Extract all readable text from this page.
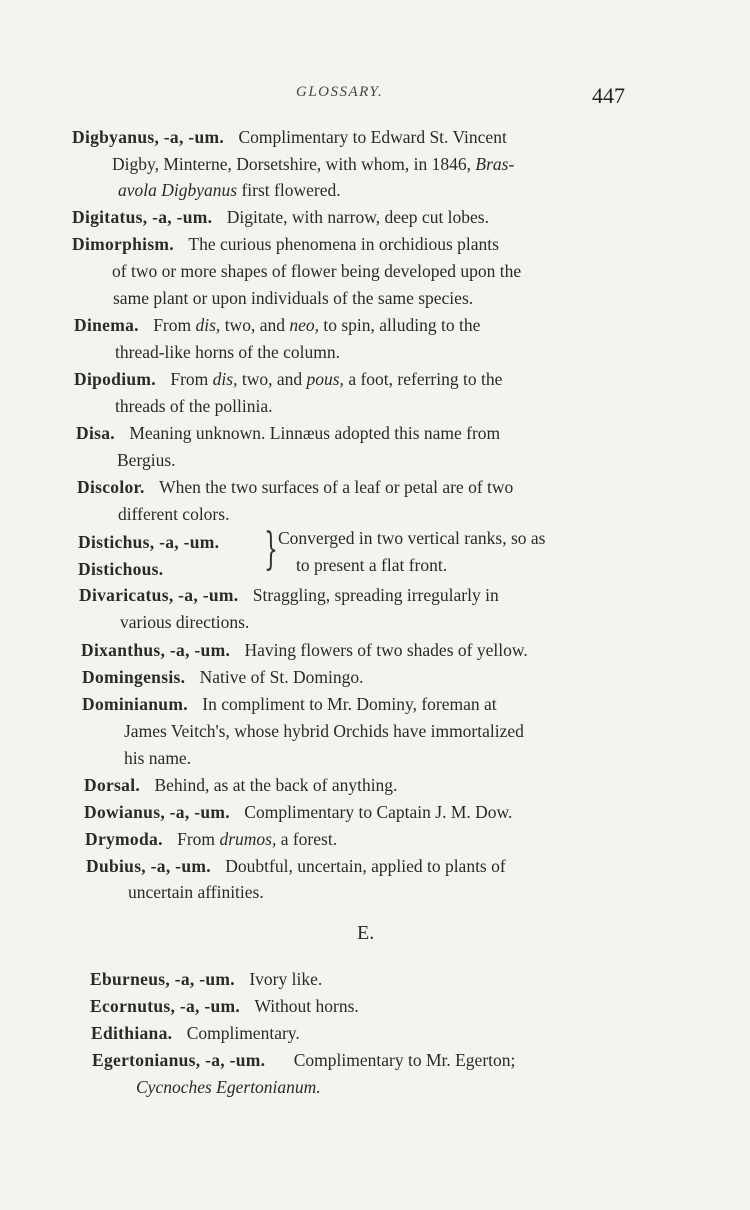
GLOSSARY.	447
Digbyanus, -a, -um. Complimentary to Edward St. Vincent
Digby, Minterne, Dorsetshire, with whom, in 1846, Bras-
avola Digbyanus first flowered.
Digitatus, -a, -um. Digitate, with narrow, deep cut lobes.
Dimorphism. The curious phenomena in orchidious plants
of two or more shapes of flower being developed upon the
same plant or upon individuals of the same species.
Dinema. From dis, two, and neo, to spin, alluding to the
thread-like horns of the column.
Dipodium. From dis, two, and pous, a foot, referring to the
threads of the pollinia.
Disa. Meaning unknown. Linnæus adopted this name from
Bergius.
Discolor. When the two surfaces of a leaf or petal are of two
different colors.
Distichus, -a, -um.
Distichous. } Converged in two vertical ranks, so as
to present a flat front.
Divaricatus, -a, -um. Straggling, spreading irregularly in
various directions.
Dixanthus, -a, -um. Having flowers of two shades of yellow.
Domingensis. Native of St. Domingo.
Dominianum. In compliment to Mr. Dominy, foreman at
James Veitch's, whose hybrid Orchids have immortalized
his name.
Dorsal. Behind, as at the back of anything.
Dowianus, -a, -um. Complimentary to Captain J. M. Dow.
Drymoda. From drumos, a forest.
Dubius, -a, -um. Doubtful, uncertain, applied to plants of
uncertain affinities.
E.
Eburneus, -a, -um. Ivory like.
Ecornutus, -a, -um. Without horns.
Edithiana. Complimentary.
Egertonianus, -a, -um. Complimentary to Mr. Egerton;
Cycnoches Egertonianum.
